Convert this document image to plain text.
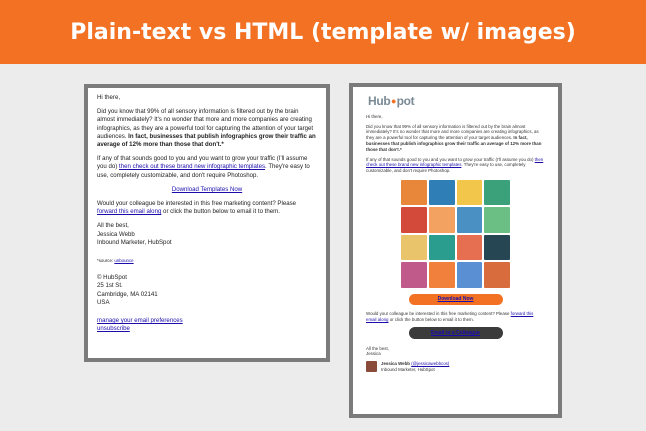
Plain-text vs HTML (template w/ images)

Hi there,

Did you know that 99% of all sensory information is filtered out by the brain almost immediately? It's no wonder that more and more companies are creating infographics, as they are a powerful tool for capturing the attention of your target audiences. In fact, businesses that publish infographics grow their traffic an average of 12% more than those that don't.*

If any of that sounds good to you and you want to grow your traffic (I'll assume you do) then check out these brand new infographic templates. They're easy to use, completely customizable, and don't require Photoshop.

Download Templates Now

Would your colleague be interested in this free marketing content? Please forward this email along or click the button below to email it to them.

All the best,
Jessica Webb
Inbound Marketer, HubSpot

*source: unbounce
© HubSpot
25 1st St.
Cambridge, MA 02141
USA
manage your email preferences
unsubscribe
Hub ● pot

Hi there,

Did you know that 99% of all sensory information is filtered out by the brain almost immediately? It's no wonder that more and more companies are creating infographics, as they are a powerful tool for capturing the attention of your target audiences. In fact, businesses that publish infographics grow their traffic an average of 12% more than those that don't.*

If any of that sounds good to you and you want to grow your traffic (I'll assume you do) then check out these brand new infographic templates. They're easy to use, completely customizable, and don't require Photoshop.

Download Now

Would your colleague be interested in this free marketing content? Please forward this email along or click the button below to email it to them.

Email to a Colleague

All the best,
Jessica

Jessica Webb (@jessicawebbcos)
Inbound Marketer, HubSpot
